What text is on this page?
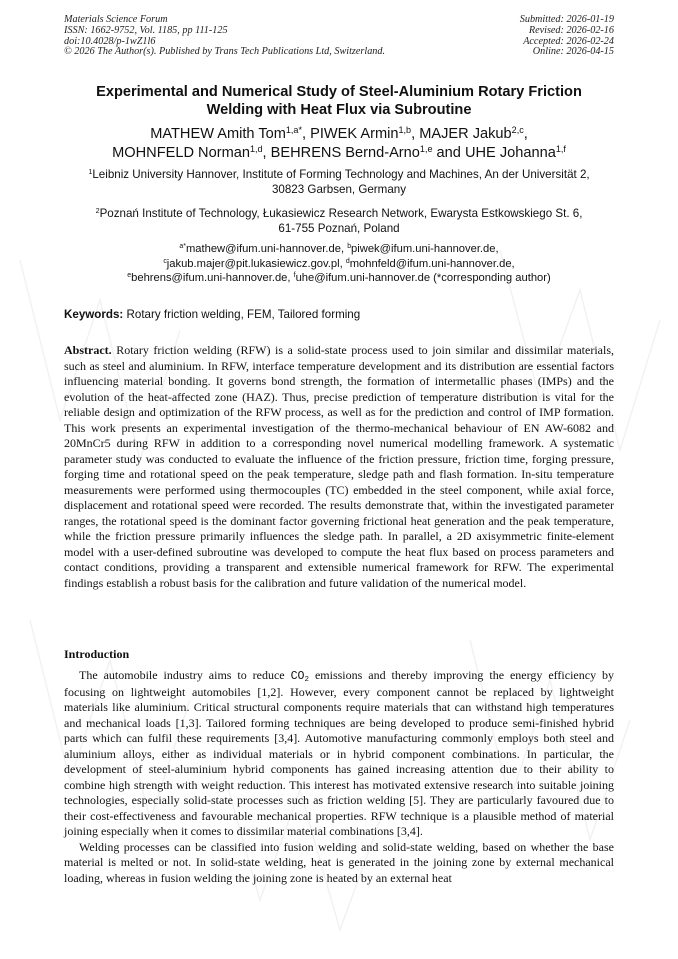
Materials Science Forum
ISSN: 1662-9752, Vol. 1185, pp 111-125
doi:10.4028/p-1wZ1l6
© 2026 The Author(s). Published by Trans Tech Publications Ltd, Switzerland.
Submitted: 2026-01-19
Revised: 2026-02-16
Accepted: 2026-02-24
Online: 2026-04-15
Experimental and Numerical Study of Steel-Aluminium Rotary Friction
Welding with Heat Flux via Subroutine
MATHEW Amith Tom$^{1,a*}$, PIWEK Armin$^{1,b}$, MAJER Jakub$^{2,c}$,
MOHNFELD Norman$^{1,d}$, BEHRENS Bernd-Arno$^{1,e}$ and UHE Johanna$^{1,f}$
$^1$Leibniz University Hannover, Institute of Forming Technology and Machines, An der Universität 2,
30823 Garbsen, Germany
$^2$Poznań Institute of Technology, Łukasiewicz Research Network, Ewarysta Estkowskiego St. 6,
61-755 Poznań, Poland
$^{a*}$mathew@ifum.uni-hannover.de, $^b$piwek@ifum.uni-hannover.de,
$^c$jakub.majer@pit.lukasiewicz.gov.pl, $^d$mohnfeld@ifum.uni-hannover.de,
$^e$behrens@ifum.uni-hannover.de, $^f$uhe@ifum.uni-hannover.de (*corresponding author)
Keywords: Rotary friction welding, FEM, Tailored forming
Abstract. Rotary friction welding (RFW) is a solid-state process used to join similar and dissimilar materials, such as steel and aluminium. In RFW, interface temperature development and its distribution are essential factors influencing material bonding. It governs bond strength, the formation of intermetallic phases (IMPs) and the evolution of the heat-affected zone (HAZ). Thus, precise prediction of temperature distribution is vital for the reliable design and optimization of the RFW process, as well as for the prediction and control of IMP formation. This work presents an experimental investigation of the thermo-mechanical behaviour of EN AW-6082 and 20MnCr5 during RFW in addition to a corresponding novel numerical modelling framework. A systematic parameter study was conducted to evaluate the influence of the friction pressure, friction time, forging pressure, forging time and rotational speed on the peak temperature, sledge path and flash formation. In-situ temperature measurements were performed using thermocouples (TC) embedded in the steel component, while axial force, displacement and rotational speed were recorded. The results demonstrate that, within the investigated parameter ranges, the rotational speed is the dominant factor governing frictional heat generation and the peak temperature, while the friction pressure primarily influences the sledge path. In parallel, a 2D axisymmetric finite-element model with a user-defined subroutine was developed to compute the heat flux based on process parameters and contact conditions, providing a transparent and extensible numerical framework for RFW. The experimental findings establish a robust basis for the calibration and future validation of the numerical model.
Introduction

The automobile industry aims to reduce $CO_2$ emissions and thereby improving the energy efficiency by focusing on lightweight automobiles [1,2]. However, every component cannot be replaced by lightweight materials like aluminium. Critical structural components require materials that can withstand high temperatures and mechanical loads [1,3]. Tailored forming techniques are being developed to produce semi-finished hybrid parts which can fulfil these requirements [3,4]. Automotive manufacturing commonly employs both steel and aluminium alloys, either as individual materials or in hybrid component combinations. In particular, the development of steel-aluminium hybrid components has gained increasing attention due to their ability to combine high strength with weight reduction. This interest has motivated extensive research into suitable joining technologies, especially solid-state processes such as friction welding [5]. They are particularly favoured due to their cost-effectiveness and favourable mechanical properties. RFW technique is a plausible method of material joining especially when it comes to dissimilar material combinations [3,4].

Welding processes can be classified into fusion welding and solid-state welding, based on whether the base material is melted or not. In solid-state welding, heat is generated in the joining zone by external mechanical loading, whereas in fusion welding the joining zone is heated by an external heat
